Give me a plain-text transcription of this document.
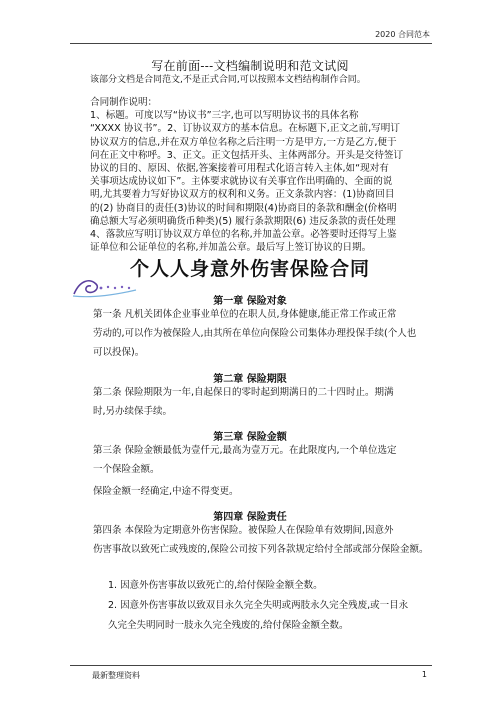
2020 合同范本
写在前面---文档编制说明和范文试阅
该部分文档是合同范文,不是正式合同,可以按照本文档结构制作合同。
合同制作说明：
1、标题。可度以写“协议书”三字,也可以写明协议书的具体名称
“XXXX 协议书”。2、订协议双方的基本信息。在标题下,正文之前,写明订
协议双方的信息,并在双方单位名称之后注明一方是甲方,一方是乙方,便于
问在正文中称呼。3、正文。正文包括开头、主体两部分。开头是交待签订
协议的目的、原因、依据,答案接着可用程式化语言转入主体,如“现对有
关事项达成协议如下”。主体要求就协议有关事宜作出明确的、全面的说
明,尤其要着力写好协议双方的权利和义务。正文条款内容：(1)协商回目
的(2) 协商目的责任(3)协议的时间和期限(4)协商目的条款和酬金(价格明
确总额大写必须明确货币种类)(5) 履行条款期限(6) 违反条款的责任处理
4、落款应写明订协议双方单位的名称,并加盖公章。必答要时还得写上鉴
证单位和公证单位的名称,并加盖公章。最后写上签订协议的日期。
个人人身意外伤害保险合同
第一章 保险对象
第一条 凡机关团体企业事业单位的在职人员,身体健康,能正常工作或正常
劳动的,可以作为被保险人,由其所在单位向保险公司集体办理投保手续(个人也
可以投保)。
第二章 保险期限
第二条 保险期限为一年,自起保日的零时起到期满日的二十四时止。期满
时,另办续保手续。
第三章 保险金额
第三条 保险金额最低为壹仟元,最高为壹万元。在此限度内,一个单位选定
一个保险金额。
保险金额一经确定,中途不得变更。
第四章 保险责任
第四条 本保险为定期意外伤害保险。被保险人在保险单有效期间,因意外
伤害事故以致死亡或残废的,保险公司按下列各款规定给付全部或部分保险金额。
1. 因意外伤害事故以致死亡的,给付保险金额全数。
2. 因意外伤害事故以致双目永久完全失明或两肢永久完全残废,或一目永
久完全失明同时一肢永久完全残废的,给付保险金额全数。
最新整理资料	1
